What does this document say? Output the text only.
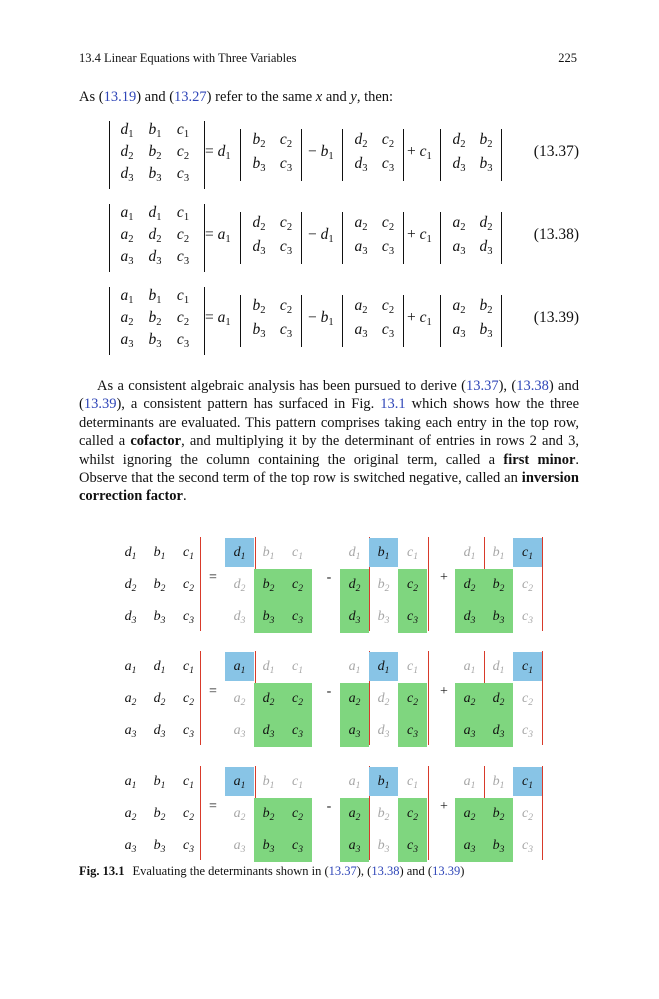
13.4 Linear Equations with Three Variables	225
As (13.19) and (13.27) refer to the same x and y, then:
$d_1$ $b_1$ $c_1$
$d_2$ $b_2$ $c_2$
$d_3$ $b_3$ $c_3$
= $d_1$
$b_2$ $c_2$
$b_3$ $c_3$
− $b_1$
$d_2$ $c_2$
$d_3$ $c_3$
+ $c_1$
$d_2$ $b_2$
$d_3$ $b_3$
(13.37)
$a_1$ $d_1$ $c_1$
$a_2$ $d_2$ $c_2$
$a_3$ $d_3$ $c_3$
= $a_1$
$d_2$ $c_2$
$d_3$ $c_3$
− $d_1$
$a_2$ $c_2$
$a_3$ $c_3$
+ $c_1$
$a_2$ $d_2$
$a_3$ $d_3$
(13.38)
$a_1$ $b_1$ $c_1$
$a_2$ $b_2$ $c_2$
$a_3$ $b_3$ $c_3$
= $a_1$
$b_2$ $c_2$
$b_3$ $c_3$
− $b_1$
$a_2$ $c_2$
$a_3$ $c_3$
+ $c_1$
$a_2$ $b_2$
$a_3$ $b_3$
(13.39)

As a consistent algebraic analysis has been pursued to derive (13.37), (13.38) and (13.39), a consistent pattern has surfaced in Fig. 13.1 which shows how the three determinants are evaluated. This pattern comprises taking each entry in the top row, called a cofactor, and multiplying it by the determinant of entries in rows 2 and 3, whilst ignoring the column containing the original term, called a first minor. Observe that the second term of the top row is switched negative, called an inversion correction factor.

$d_1$	$b_1$	$c_1$
$d_2$	$b_2$	$c_2$
$d_3$	$b_3$	$c_3$
$d_1$	$b_1$	$c_1$
$d_2$	$b_2$	$c_2$
$d_3$	$b_3$	$c_3$
$d_1$	$b_1$	$c_1$
$d_2$	$b_2$	$c_2$
$d_3$	$b_3$	$c_3$
$d_1$	$b_1$	$c_1$
$d_2$	$b_2$	$c_2$
$d_3$	$b_3$	$c_3$
=	-	+
$a_1$	$d_1$	$c_1$
$a_2$	$d_2$	$c_2$
$a_3$	$d_3$	$c_3$
$a_1$	$d_1$	$c_1$
$a_2$	$d_2$	$c_2$
$a_3$	$d_3$	$c_3$
$a_1$	$d_1$	$c_1$
$a_2$	$d_2$	$c_2$
$a_3$	$d_3$	$c_3$
$a_1$	$d_1$	$c_1$
$a_2$	$d_2$	$c_2$
$a_3$	$d_3$	$c_3$
=	-	+
$a_1$	$b_1$	$c_1$
$a_2$	$b_2$	$c_2$
$a_3$	$b_3$	$c_3$
$a_1$	$b_1$	$c_1$
$a_2$	$b_2$	$c_2$
$a_3$	$b_3$	$c_3$
$a_1$	$b_1$	$c_1$
$a_2$	$b_2$	$c_2$
$a_3$	$b_3$	$c_3$
$a_1$	$b_1$	$c_1$
$a_2$	$b_2$	$c_2$
$a_3$	$b_3$	$c_3$
=	-	+
Fig. 13.1 Evaluating the determinants shown in (13.37), (13.38) and (13.39)
